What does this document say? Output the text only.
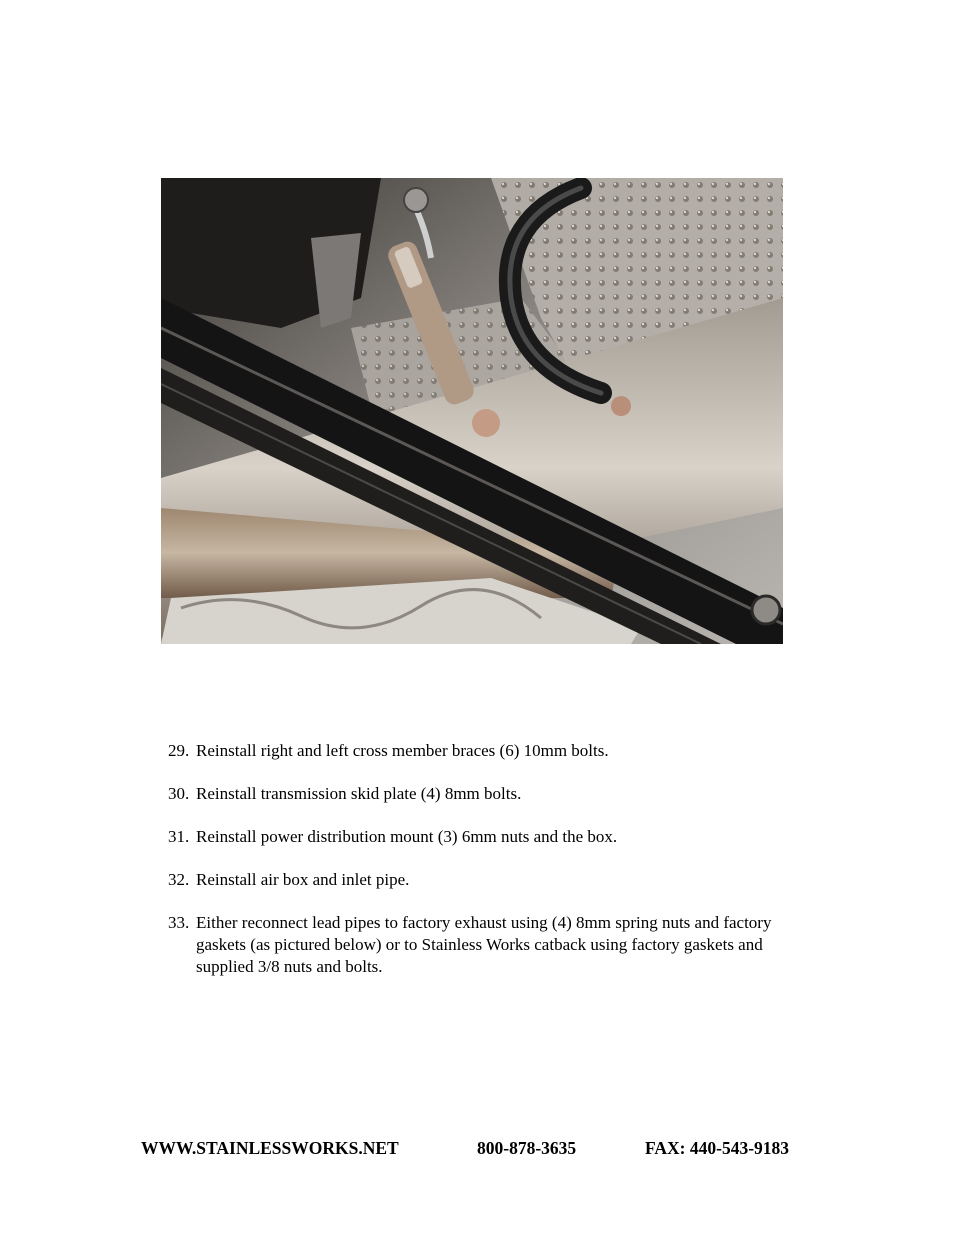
29. Reinstall right and left cross member braces (6) 10mm bolts.
30. Reinstall transmission skid plate (4) 8mm bolts.
31. Reinstall power distribution mount (3) 6mm nuts and the box.
32. Reinstall air box and inlet pipe.
33. Either reconnect lead pipes to factory exhaust using (4) 8mm spring nuts and factory gaskets (as pictured below) or to Stainless Works catback using factory gaskets and supplied 3/8 nuts and bolts.
WWW.STAINLESSWORKS.NET	800-878-3635	FAX: 440-543-9183
